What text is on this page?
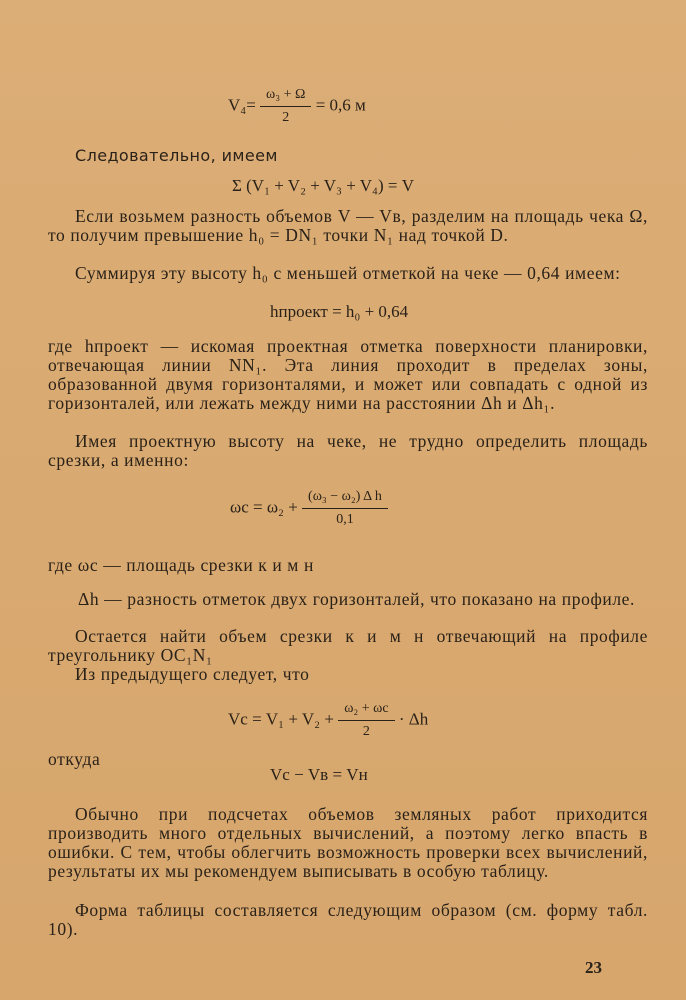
$V_4= \frac{\text{ω₃ + Ω}}{2} = 0,6$ м

Следовательно, имеем

Σ (V₁ + V₂ + V₃ + V₄) = V

Если возьмем разность объемов V — Vв, разделим на площадь чека Ω, то получим превышение h₀ = DN₁ точки N₁ над точкой D.

Суммируя эту высоту h₀ с меньшей отметкой на чеке — 0,64 имеем:

hпроект = h₀ + 0,64

где hпроект — искомая проектная отметка поверхности планировки, отвечающая линии NN₁. Эта линия проходит в пределах зоны, образованной двумя горизонталями, и может или совпадать с одной из горизонталей, или лежать между ними на расстоянии Δh и Δh₁.

Имея проектную высоту на чеке, не трудно определить площадь срезки, а именно:

$\omega с = \omega_2 + \frac{\text{(ω₃ − ω₂) Δ h}}{0,1}$

где ωс — площадь срезки к и м н

Δh — разность отметок двух горизонталей, что показано на профиле.

Остается найти объем срезки к и м н отвечающий на профиле треугольнику OC₁N₁

Из предыдущего следует, что

Vс = $V_1 + V_2 + \frac{\text{ω₂ + ωс}}{2} \cdot \Delta h$

откуда

Vс − Vв = Vн

Обычно при подсчетах объемов земляных работ приходится производить много отдельных вычислений, а поэтому легко впасть в ошибки. С тем, чтобы облегчить возможность проверки всех вычислений, результаты их мы рекомендуем выписывать в особую таблицу.

Форма таблицы составляется следующим образом (см. форму табл. 10).

23
